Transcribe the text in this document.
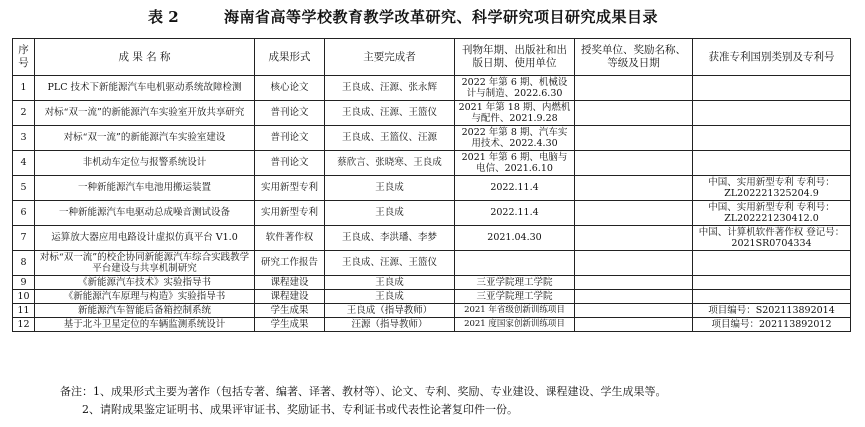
表 2	海南省高等学校教育教学改革研究、科学研究项目研究成果目录
序号	成 果 名 称	成果形式	主要完成者	刊物年期、出版社和出版日期、使用单位	授奖单位、奖励名称、等级及日期	获准专利国别类别及专利号
1	PLC 技术下新能源汽车电机驱动系统故障检测	核心论文	王良成、汪源、张永辉	2022 年第 6 期、机械设计与制造、2022.6.30		
2	对标“双一流”的新能源汽车实验室开放共享研究	普刊论文	王良成、汪源、王篮仪	2021 年第 18 期、内燃机与配件、2021.9.28		
3	对标“双一流”的新能源汽车实验室建设	普刊论文	王良成、王篮仪、汪源	2022 年第 8 期、汽车实用技术、2022.4.30		
4	非机动车定位与报警系统设计	普刊论文	蔡欣言、张晓寒、王良成	2021 年第 6 期、电脑与电信、2021.6.10		
5	一种新能源汽车电池用搬运装置	实用新型专利	王良成	2022.11.4		中国、实用新型专利 专利号：ZL202221325204.9
6	一种新能源汽车电驱动总成噪音测试设备	实用新型专利	王良成	2022.11.4		中国、实用新型专利 专利号：ZL202221230412.0
7	运算放大器应用电路设计虚拟仿真平台 V1.0	软件著作权	王良成、李洪璠、李梦	2021.04.30		中国、计算机软件著作权 登记号：2021SR0704334
8	对标“双一流”的校企协同新能源汽车综合实践教学平台建设与共享机制研究	研究工作报告	王良成、汪源、王篮仪			
9	《新能源汽车技术》实验指导书	课程建设	王良成	三亚学院理工学院		
10	《新能源汽车原理与构造》实验指导书	课程建设	王良成	三亚学院理工学院		
11	新能源汽车智能后备箱控制系统	学生成果	王良成（指导教师）	2021 年省级创新训练项目		项目编号：S202113892014
12	基于北斗卫星定位的车辆监测系统设计	学生成果	汪源（指导教师）	2021 度国家创新训练项目		项目编号：202113892012
备注：1、成果形式主要为著作（包括专著、编著、译著、教材等）、论文、专利、奖励、专业建设、课程建设、学生成果等。
2、请附成果鉴定证明书、成果评审证书、奖励证书、专利证书或代表性论著复印件一份。
